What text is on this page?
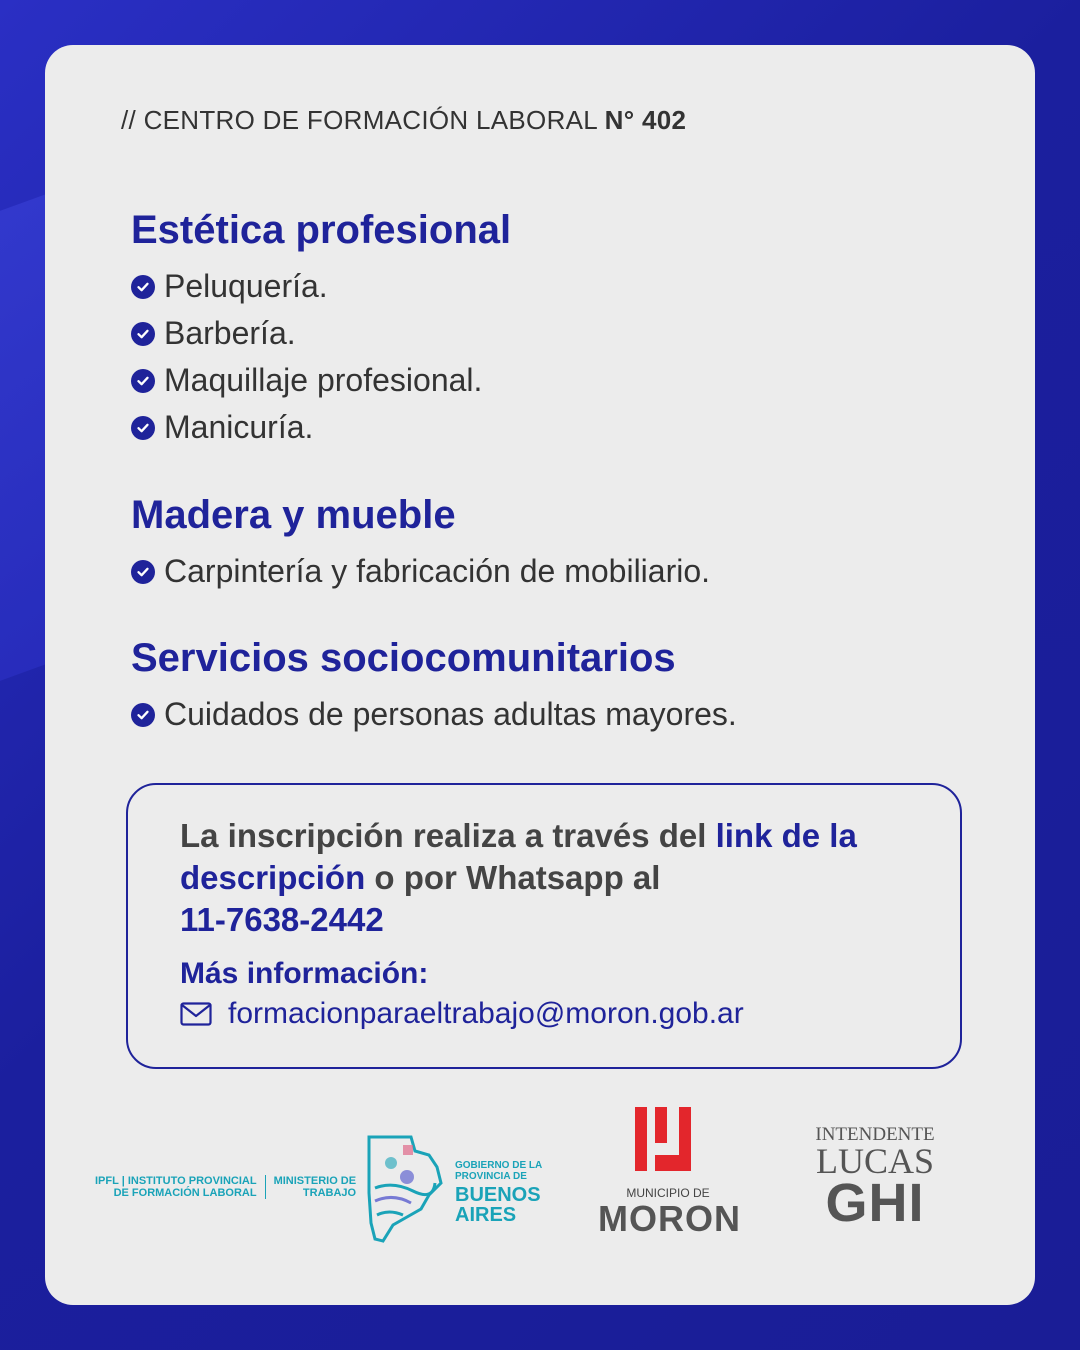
// CENTRO DE FORMACIÓN LABORAL N° 402
Estética profesional
Peluquería.
Barbería.
Maquillaje profesional.
Manicuría.
Madera y mueble
Carpintería y fabricación de mobiliario.
Servicios sociocomunitarios
Cuidados de personas adultas mayores.
La inscripción realiza a través del link de la descripción o por Whatsapp al
11-7638-2442
Más información:
formacionparaeltrabajo@moron.gob.ar
IPFL | INSTITUTO PROVINCIAL
DE FORMACIÓN LABORAL
MINISTERIO DE
TRABAJO
GOBIERNO DE LA
PROVINCIA DE
BUENOS
AIRES
MUNICIPIO DE
MORON
INTENDENTE
LUCAS
GHI
